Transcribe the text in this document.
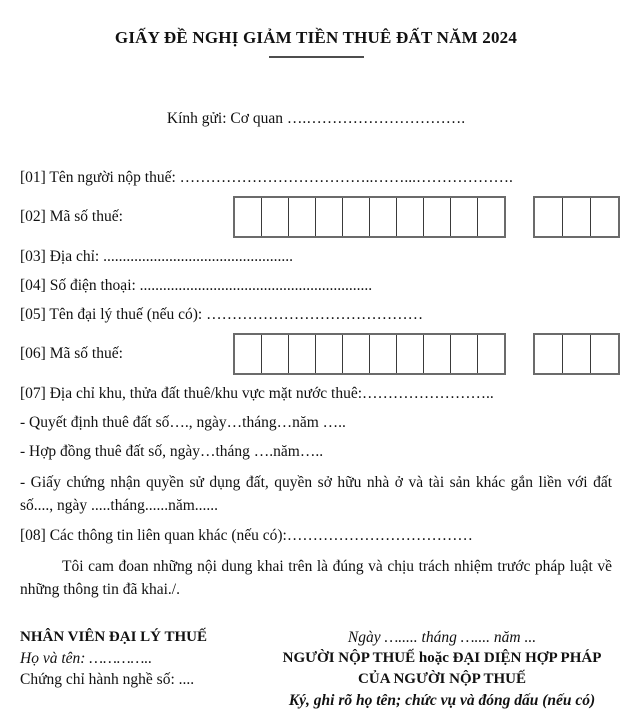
GIẤY ĐỀ NGHỊ GIẢM TIỀN THUÊ ĐẤT NĂM 2024
Kính gửi: Cơ quan ….………………………….
[01] Tên người nộp thuế: ………………………………..……...……………….
[02] Mã số thuế:
[03] Địa chỉ: .................................................
[04] Số điện thoại: ............................................................
[05] Tên đại lý thuế (nếu có): ……………………………………
[06] Mã số thuế:
[07] Địa chỉ khu, thửa đất thuê/khu vực mặt nước thuê:……………………..
- Quyết định thuê đất số…., ngày…tháng…năm …..
- Hợp đồng thuê đất số, ngày…tháng ….năm…..
- Giấy chứng nhận quyền sử dụng đất, quyền sở hữu nhà ở và tài sản khác gắn liền với đất số...., ngày .....tháng......năm......
[08] Các thông tin liên quan khác (nếu có):………………………………
Tôi cam đoan những nội dung khai trên là đúng và chịu trách nhiệm trước pháp luật về những thông tin đã khai./.
NHÂN VIÊN ĐẠI LÝ THUẾ
Họ và tên: …………..
Chứng chỉ hành nghề số: ....
Ngày …..... tháng ….... năm ...
NGƯỜI NỘP THUẾ hoặc ĐẠI DIỆN HỢP PHÁP CỦA NGƯỜI NỘP THUẾ
Ký, ghi rõ họ tên; chức vụ và đóng dấu (nếu có)
